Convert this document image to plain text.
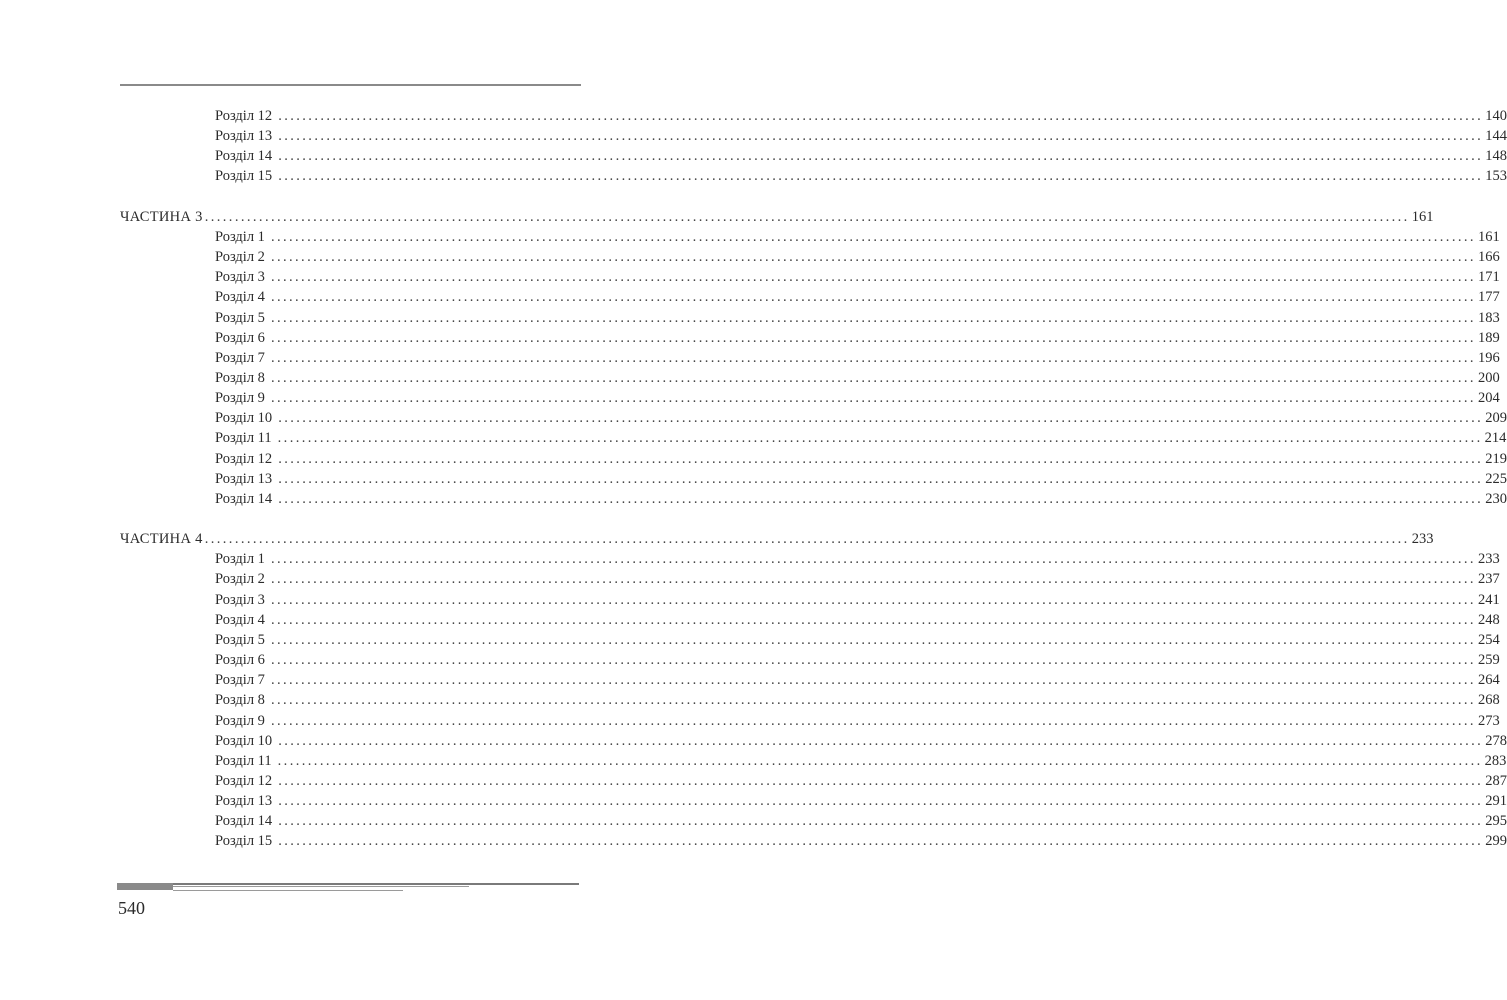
Розділ 12 ........................................................................................................................................................................................................ 140
Розділ 13 ........................................................................................................................................................................................................ 144
Розділ 14 ........................................................................................................................................................................................................ 148
Розділ 15 ........................................................................................................................................................................................................ 153
ЧАСТИНА 3 ........................................................................................................................................................................................................ 161
Розділ 1 ........................................................................................................................................................................................................ 161
Розділ 2 ........................................................................................................................................................................................................ 166
Розділ 3 ........................................................................................................................................................................................................ 171
Розділ 4 ........................................................................................................................................................................................................ 177
Розділ 5 ........................................................................................................................................................................................................ 183
Розділ 6 ........................................................................................................................................................................................................ 189
Розділ 7 ........................................................................................................................................................................................................ 196
Розділ 8 ........................................................................................................................................................................................................ 200
Розділ 9 ........................................................................................................................................................................................................ 204
Розділ 10 ........................................................................................................................................................................................................ 209
Розділ 11 ........................................................................................................................................................................................................ 214
Розділ 12 ........................................................................................................................................................................................................ 219
Розділ 13 ........................................................................................................................................................................................................ 225
Розділ 14 ........................................................................................................................................................................................................ 230
ЧАСТИНА 4 ........................................................................................................................................................................................................ 233
Розділ 1 ........................................................................................................................................................................................................ 233
Розділ 2 ........................................................................................................................................................................................................ 237
Розділ 3 ........................................................................................................................................................................................................ 241
Розділ 4 ........................................................................................................................................................................................................ 248
Розділ 5 ........................................................................................................................................................................................................ 254
Розділ 6 ........................................................................................................................................................................................................ 259
Розділ 7 ........................................................................................................................................................................................................ 264
Розділ 8 ........................................................................................................................................................................................................ 268
Розділ 9 ........................................................................................................................................................................................................ 273
Розділ 10 ........................................................................................................................................................................................................ 278
Розділ 11 ........................................................................................................................................................................................................ 283
Розділ 12 ........................................................................................................................................................................................................ 287
Розділ 13 ........................................................................................................................................................................................................ 291
Розділ 14 ........................................................................................................................................................................................................ 295
Розділ 15 ........................................................................................................................................................................................................ 299
540
